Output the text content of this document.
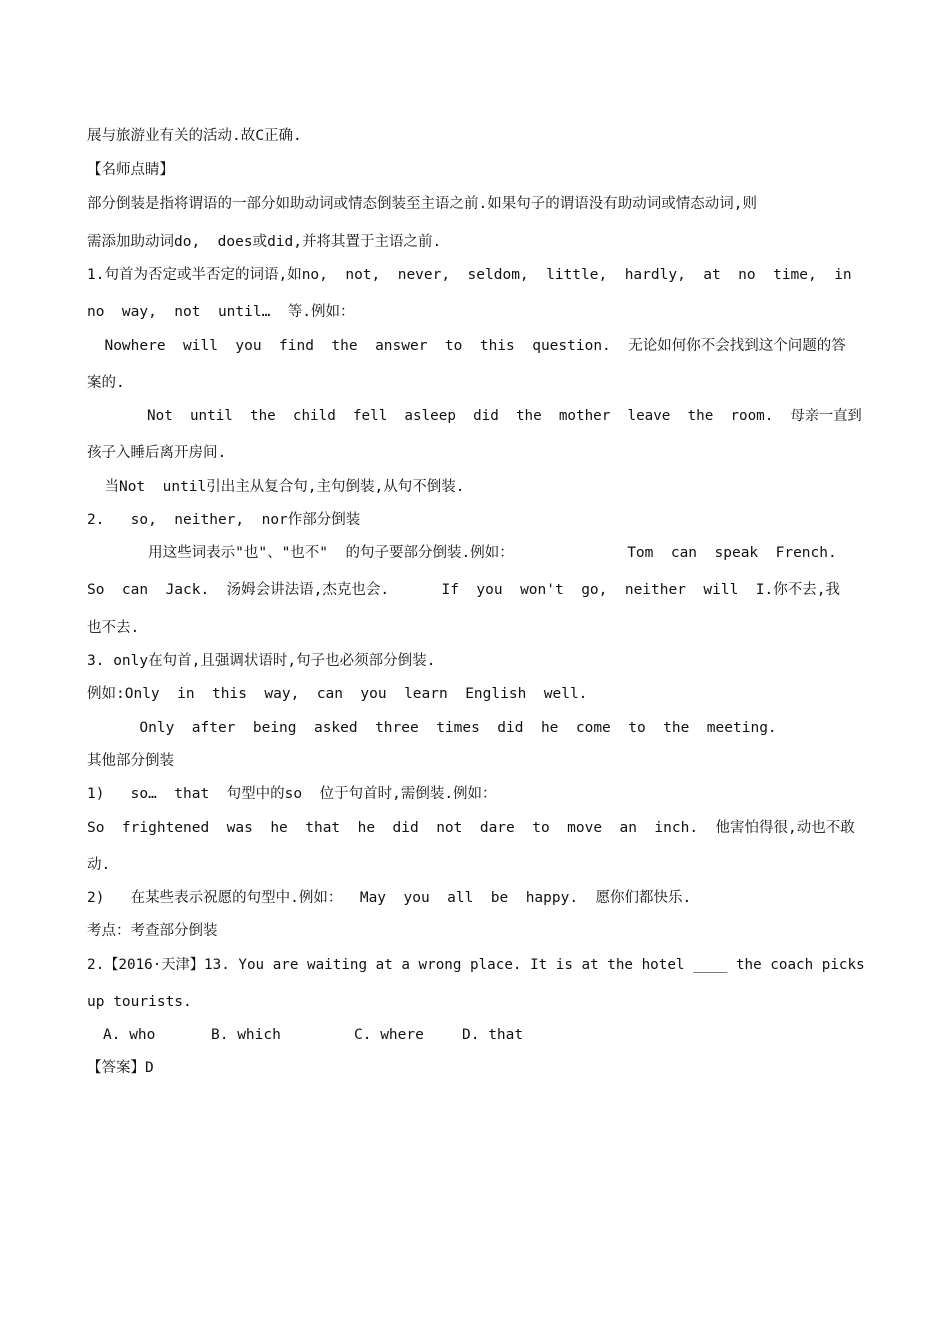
展与旅游业有关的活动.故C正确.
【名师点睛】
部分倒装是指将谓语的一部分如助动词或情态倒装至主语之前.如果句子的谓语没有助动词或情态动词,则
需添加助动词do,  does或did,并将其置于主语之前.
1.句首为否定或半否定的词语,如no,  not,  never,  seldom,  little,  hardly,  at  no  time,  in
no  way,  not  until…  等.例如：
Nowhere  will  you  find  the  answer  to  this  question.  无论如何你不会找到这个问题的答
案的.
Not  until  the  child  fell  asleep  did  the  mother  leave  the  room.  母亲一直到
孩子入睡后离开房间.
当Not  until引出主从复合句,主句倒装,从句不倒装.
2.   so,  neither,  nor作部分倒装
用这些词表示"也"、"也不"  的句子要部分倒装.例如：             Tom  can  speak  French.
So  can  Jack.  汤姆会讲法语,杰克也会.      If  you  won't  go,  neither  will  I.你不去,我
也不去.
3. only在句首,且强调状语时,句子也必须部分倒装.
例如:Only  in  this  way,  can  you  learn  English  well.
Only  after  being  asked  three  times  did  he  come  to  the  meeting.
其他部分倒装
1)   so…  that  句型中的so  位于句首时,需倒装.例如：
So  frightened  was  he  that  he  did  not  dare  to  move  an  inch.  他害怕得很,动也不敢
动.
2)   在某些表示祝愿的句型中.例如：  May  you  all  be  happy.  愿你们都快乐.
考点：考查部分倒装
2.【2016·天津】13. You are waiting at a wrong place. It is at the hotel ____ the coach picks
up tourists.
A. who	B. which	C. where	D. that
【答案】D
